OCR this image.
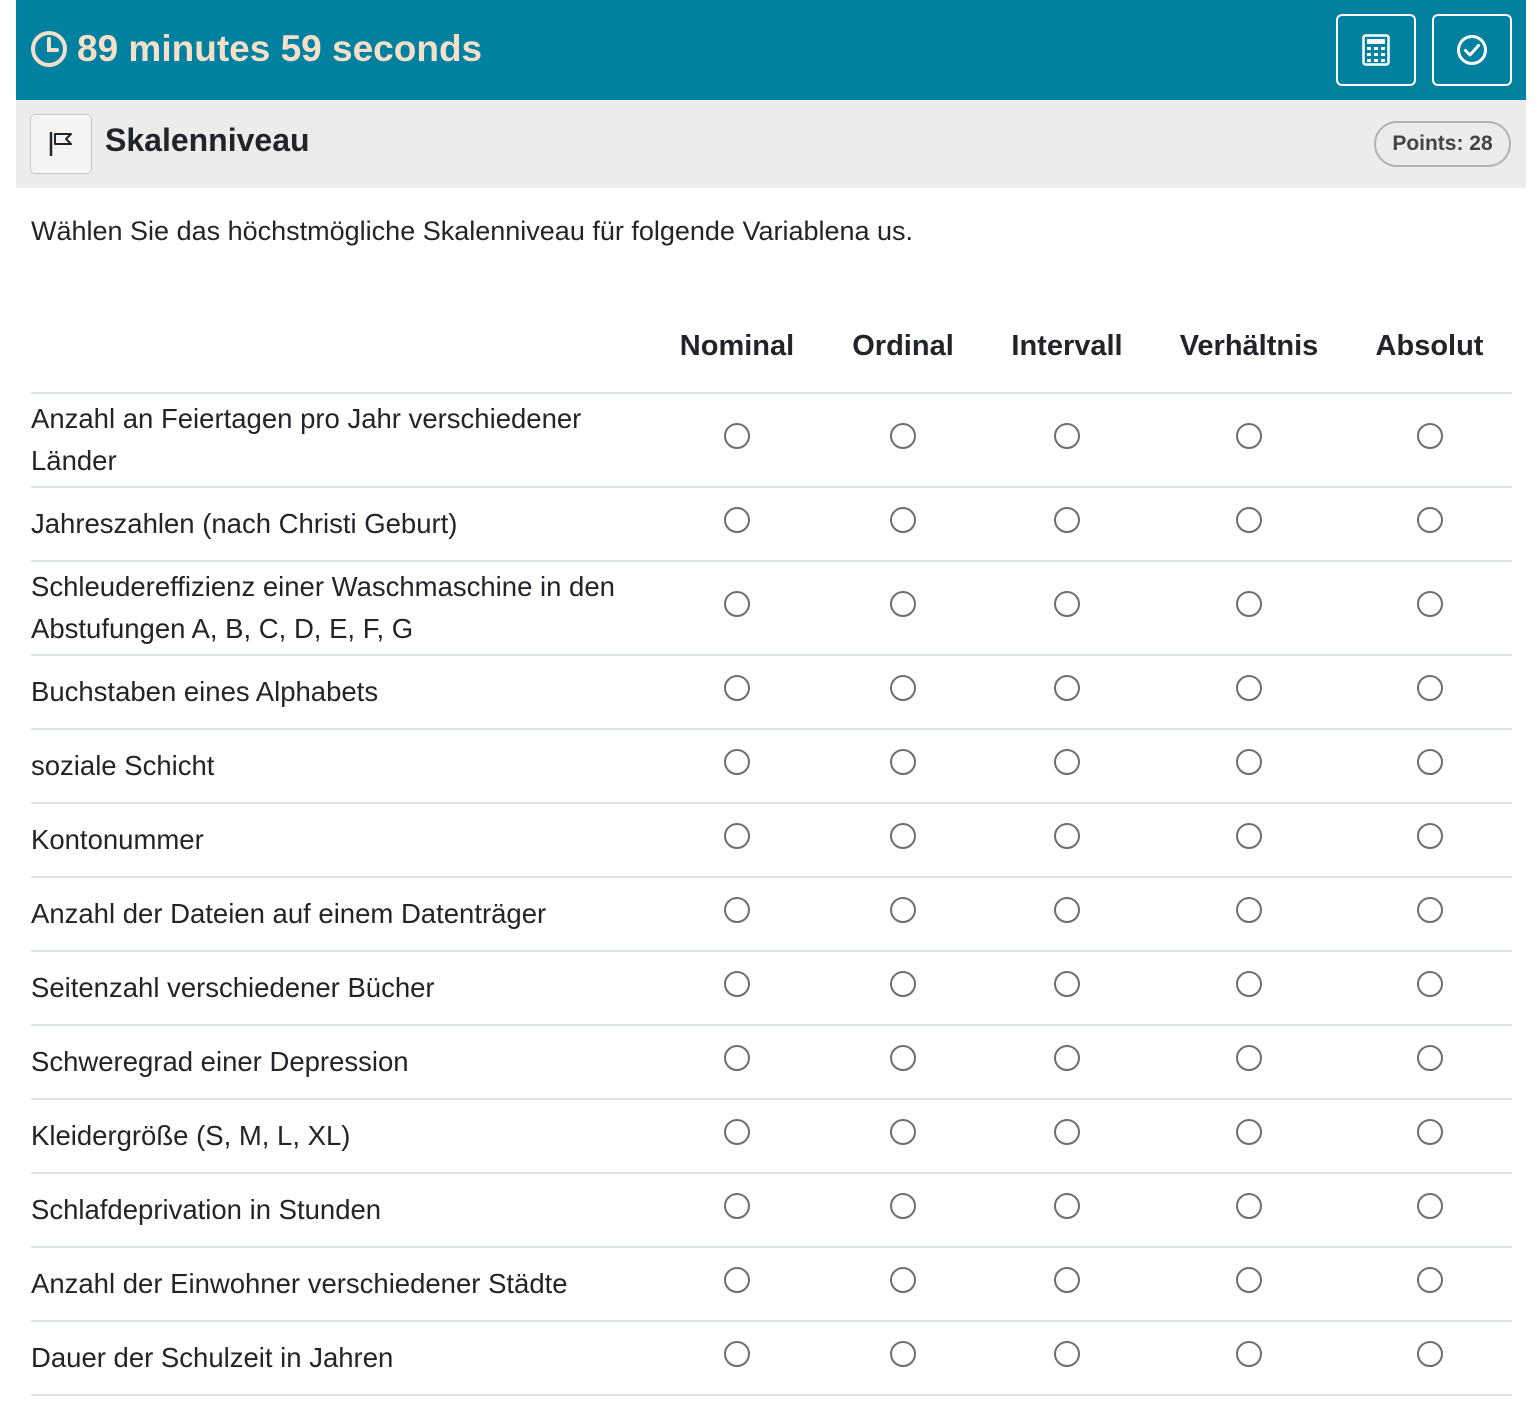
89 minutes 59 seconds
Skalenniveau	Points: 28
Wählen Sie das höchstmögliche Skalenniveau für folgende Variablena us.
	Nominal	Ordinal	Intervall	Verhältnis	Absolut
Anzahl an Feiertagen pro Jahr verschiedener Länder					
Jahreszahlen (nach Christi Geburt)					
Schleudereffizienz einer Waschmaschine in den Abstufungen A, B, C, D, E, F, G					
Buchstaben eines Alphabets					
soziale Schicht					
Kontonummer					
Anzahl der Dateien auf einem Datenträger					
Seitenzahl verschiedener Bücher					
Schweregrad einer Depression					
Kleidergröße (S, M, L, XL)					
Schlafdeprivation in Stunden					
Anzahl der Einwohner verschiedener Städte					
Dauer der Schulzeit in Jahren					
